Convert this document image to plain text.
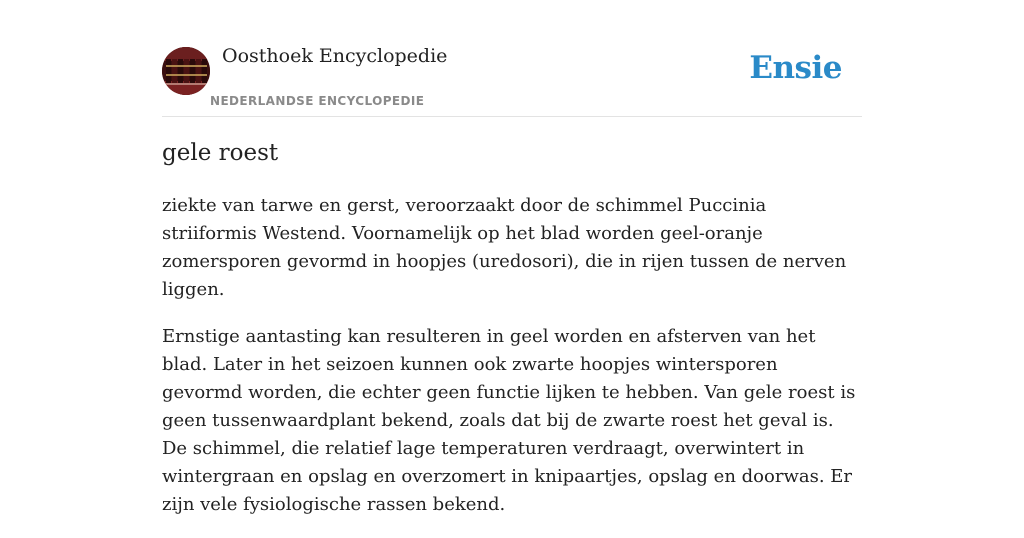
Oosthoek Encyclopedie
NEDERLANDSE ENCYCLOPEDIE
Ensie
gele roest

ziekte van tarwe en gerst, veroorzaakt door de schimmel Puccinia striiformis Westend. Voornamelijk op het blad worden geel-oranje zomersporen gevormd in hoopjes (uredosori), die in rijen tussen de nerven liggen.

Ernstige aantasting kan resulteren in geel worden en afsterven van het blad. Later in het seizoen kunnen ook zwarte hoopjes wintersporen gevormd worden, die echter geen functie lijken te hebben. Van gele roest is geen tussenwaardplant bekend, zoals dat bij de zwarte roest het geval is. De schimmel, die relatief lage temperaturen verdraagt, overwintert in wintergraan en opslag en overzomert in knipaartjes, opslag en doorwas. Er zijn vele fysiologische rassen bekend.
